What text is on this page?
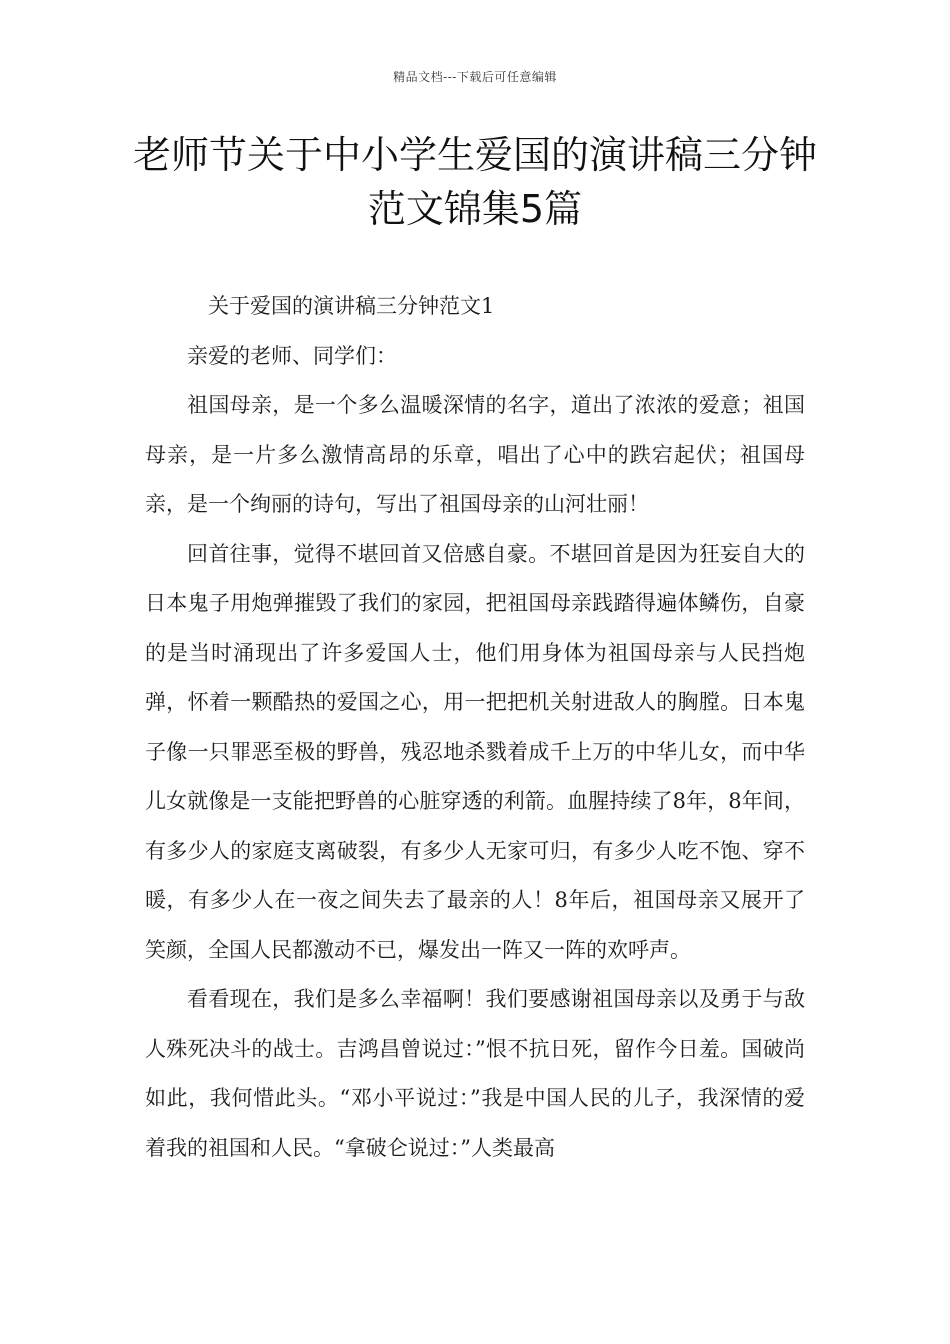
精品文档---下载后可任意编辑
老师节关于中小学生爱国的演讲稿三分钟范文锦集5篇

关于爱国的演讲稿三分钟范文1

亲爱的老师、同学们：

祖国母亲，是一个多么温暖深情的名字，道出了浓浓的爱意；祖国母亲，是一片多么激情高昂的乐章，唱出了心中的跌宕起伏；祖国母亲，是一个绚丽的诗句，写出了祖国母亲的山河壮丽！

回首往事，觉得不堪回首又倍感自豪。不堪回首是因为狂妄自大的日本鬼子用炮弹摧毁了我们的家园，把祖国母亲践踏得遍体鳞伤，自豪的是当时涌现出了许多爱国人士，他们用身体为祖国母亲与人民挡炮弹，怀着一颗酷热的爱国之心，用一把把机关射进敌人的胸膛。日本鬼子像一只罪恶至极的野兽，残忍地杀戮着成千上万的中华儿女，而中华儿女就像是一支能把野兽的心脏穿透的利箭。血腥持续了8年，8年间，有多少人的家庭支离破裂，有多少人无家可归，有多少人吃不饱、穿不暖，有多少人在一夜之间失去了最亲的人！8年后，祖国母亲又展开了笑颜，全国人民都激动不已，爆发出一阵又一阵的欢呼声。

看看现在，我们是多么幸福啊！我们要感谢祖国母亲以及勇于与敌人殊死决斗的战士。吉鸿昌曾说过：”恨不抗日死，留作今日羞。国破尚如此，我何惜此头。“邓小平说过：”我是中国人民的儿子，我深情的爱着我的祖国和人民。“拿破仑说过：”人类最高
